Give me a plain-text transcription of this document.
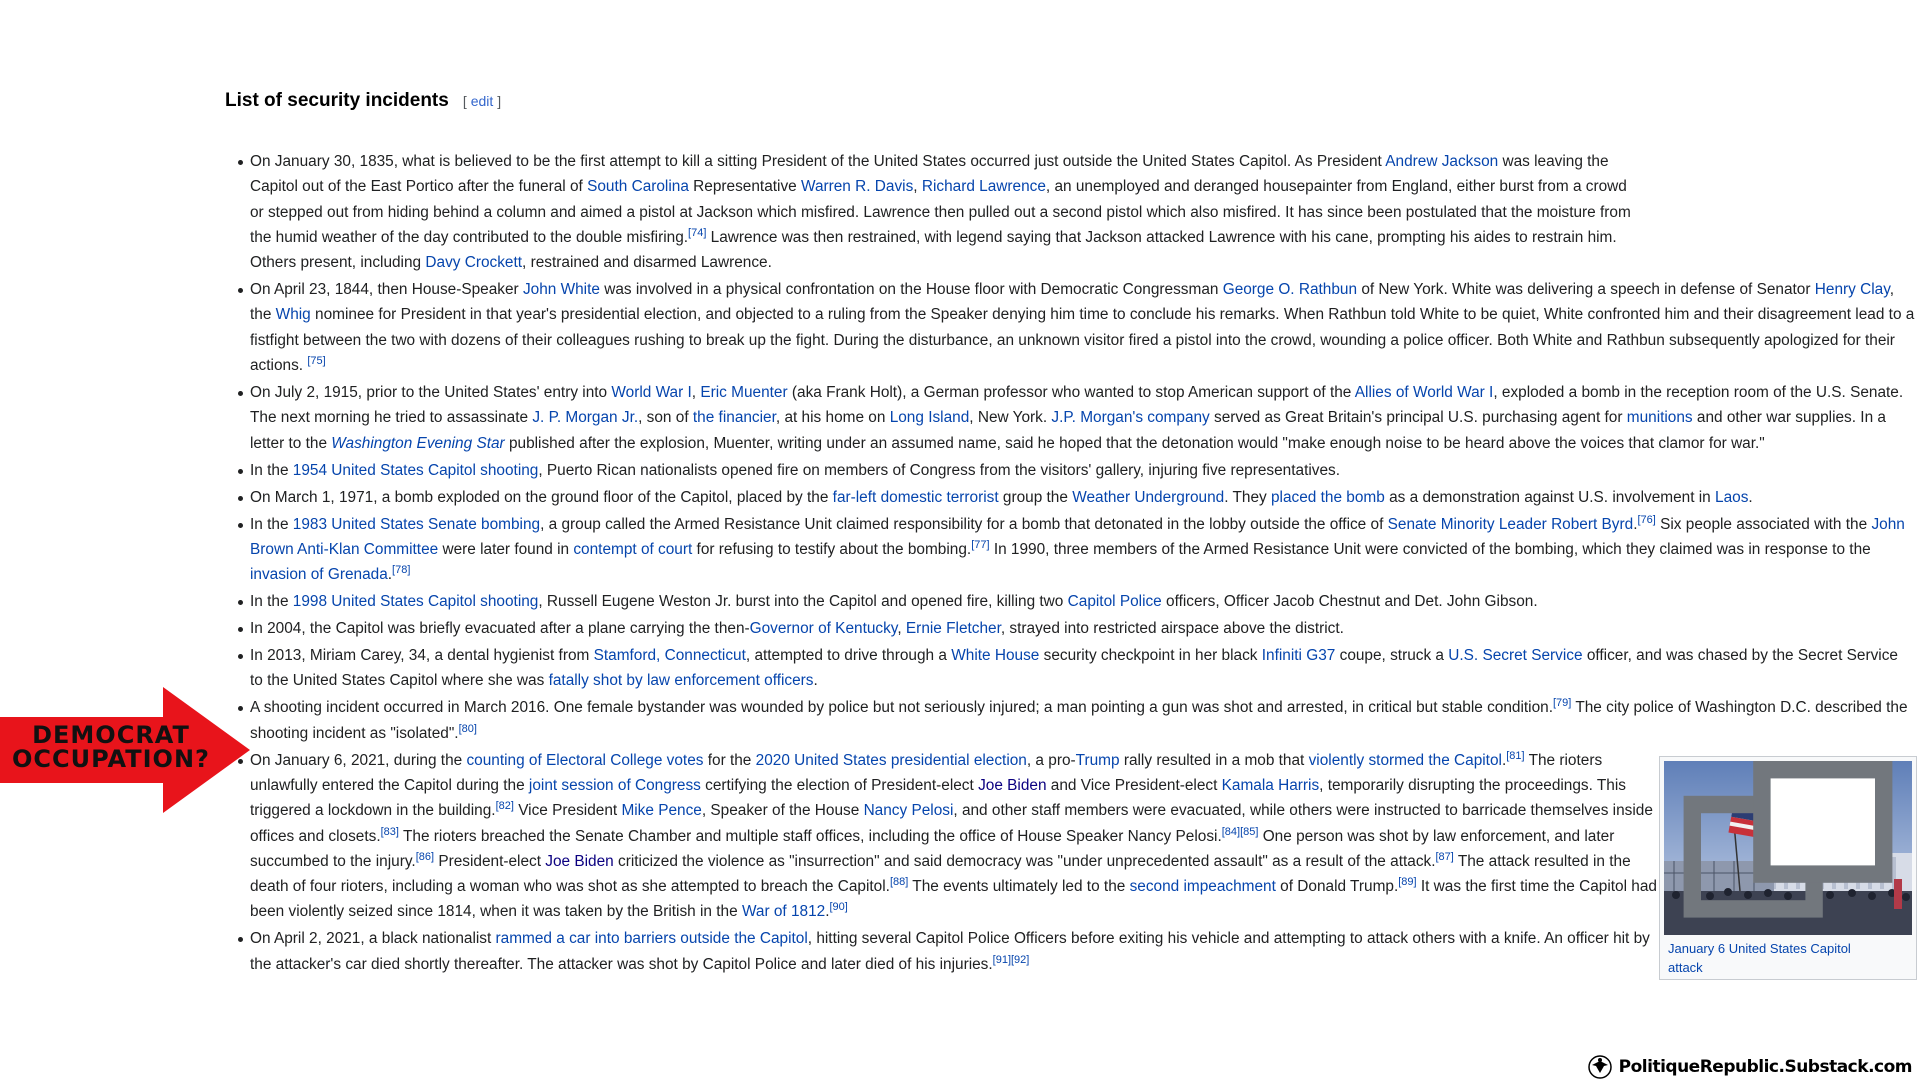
List of security incidents [ edit ]
On January 30, 1835, what is believed to be the first attempt to kill a sitting President of the United States occurred just outside the United States Capitol. As President Andrew Jackson was leaving the Capitol out of the East Portico after the funeral of South Carolina Representative Warren R. Davis, Richard Lawrence, an unemployed and deranged housepainter from England, either burst from a crowd or stepped out from hiding behind a column and aimed a pistol at Jackson which misfired. Lawrence then pulled out a second pistol which also misfired. It has since been postulated that the moisture from the humid weather of the day contributed to the double misfiring.[74] Lawrence was then restrained, with legend saying that Jackson attacked Lawrence with his cane, prompting his aides to restrain him. Others present, including Davy Crockett, restrained and disarmed Lawrence.
On April 23, 1844, then House-Speaker John White was involved in a physical confrontation on the House floor with Democratic Congressman George O. Rathbun of New York. White was delivering a speech in defense of Senator Henry Clay, the Whig nominee for President in that year's presidential election, and objected to a ruling from the Speaker denying him time to conclude his remarks. When Rathbun told White to be quiet, White confronted him and their disagreement lead to a fistfight between the two with dozens of their colleagues rushing to break up the fight. During the disturbance, an unknown visitor fired a pistol into the crowd, wounding a police officer. Both White and Rathbun subsequently apologized for their actions. [75]
On July 2, 1915, prior to the United States' entry into World War I, Eric Muenter (aka Frank Holt), a German professor who wanted to stop American support of the Allies of World War I, exploded a bomb in the reception room of the U.S. Senate. The next morning he tried to assassinate J. P. Morgan Jr., son of the financier, at his home on Long Island, New York. J.P. Morgan's company served as Great Britain's principal U.S. purchasing agent for munitions and other war supplies. In a letter to the Washington Evening Star published after the explosion, Muenter, writing under an assumed name, said he hoped that the detonation would "make enough noise to be heard above the voices that clamor for war."
In the 1954 United States Capitol shooting, Puerto Rican nationalists opened fire on members of Congress from the visitors' gallery, injuring five representatives.
On March 1, 1971, a bomb exploded on the ground floor of the Capitol, placed by the far-left domestic terrorist group the Weather Underground. They placed the bomb as a demonstration against U.S. involvement in Laos.
In the 1983 United States Senate bombing, a group called the Armed Resistance Unit claimed responsibility for a bomb that detonated in the lobby outside the office of Senate Minority Leader Robert Byrd.[76] Six people associated with the John Brown Anti-Klan Committee were later found in contempt of court for refusing to testify about the bombing.[77] In 1990, three members of the Armed Resistance Unit were convicted of the bombing, which they claimed was in response to the invasion of Grenada.[78]
In the 1998 United States Capitol shooting, Russell Eugene Weston Jr. burst into the Capitol and opened fire, killing two Capitol Police officers, Officer Jacob Chestnut and Det. John Gibson.
In 2004, the Capitol was briefly evacuated after a plane carrying the then-Governor of Kentucky, Ernie Fletcher, strayed into restricted airspace above the district.
In 2013, Miriam Carey, 34, a dental hygienist from Stamford, Connecticut, attempted to drive through a White House security checkpoint in her black Infiniti G37 coupe, struck a U.S. Secret Service officer, and was chased by the Secret Service to the United States Capitol where she was fatally shot by law enforcement officers.
A shooting incident occurred in March 2016. One female bystander was wounded by police but not seriously injured; a man pointing a gun was shot and arrested, in critical but stable condition.[79] The city police of Washington D.C. described the shooting incident as "isolated".[80]
On January 6, 2021, during the counting of Electoral College votes for the 2020 United States presidential election, a pro-Trump rally resulted in a mob that violently stormed the Capitol.[81] The rioters unlawfully entered the Capitol during the joint session of Congress certifying the election of President-elect Joe Biden and Vice President-elect Kamala Harris, temporarily disrupting the proceedings. This triggered a lockdown in the building.[82] Vice President Mike Pence, Speaker of the House Nancy Pelosi, and other staff members were evacuated, while others were instructed to barricade themselves inside offices and closets.[83] The rioters breached the Senate Chamber and multiple staff offices, including the office of House Speaker Nancy Pelosi.[84][85] One person was shot by law enforcement, and later succumbed to the injury.[86] President-elect Joe Biden criticized the violence as "insurrection" and said democracy was "under unprecedented assault" as a result of the attack.[87] The attack resulted in the death of four rioters, including a woman who was shot as she attempted to breach the Capitol.[88] The events ultimately led to the second impeachment of Donald Trump.[89] It was the first time the Capitol had been violently seized since 1814, when it was taken by the British in the War of 1812.[90]
On April 2, 2021, a black nationalist rammed a car into barriers outside the Capitol, hitting several Capitol Police Officers before exiting his vehicle and attempting to attack others with a knife. An officer hit by the attacker's car died shortly thereafter. The attacker was shot by Capitol Police and later died of his injuries.[91][92]
January 6 United States Capitol attack
DEMOCRAT
OCCUPATION?
PolitiqueRepublic.Substack.com
